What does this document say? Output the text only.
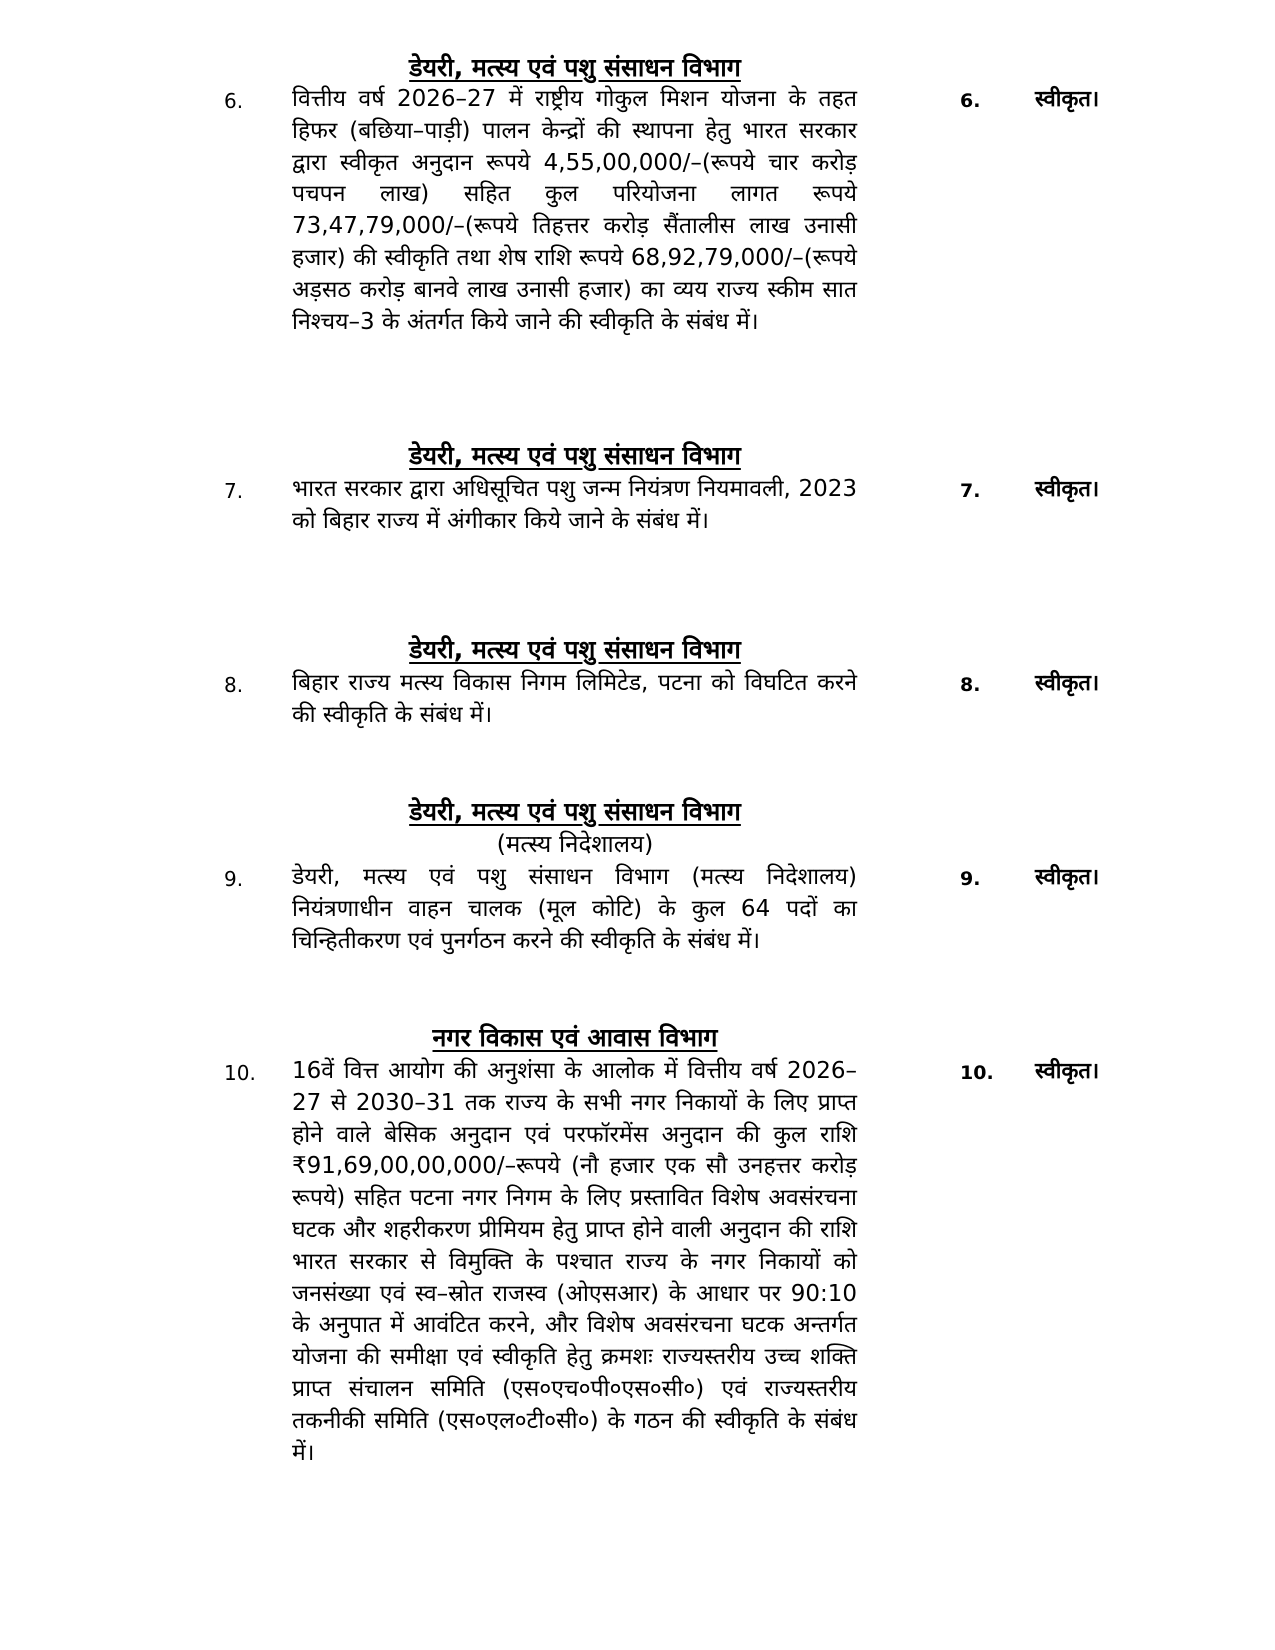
डेयरी, मत्स्य एवं पशु संसाधन विभाग
6. वित्तीय वर्ष 2026–27 में राष्ट्रीय गोकुल मिशन योजना के तहत हिफर (बछिया–पाड़ी) पालन केन्द्रों की स्थापना हेतु भारत सरकार द्वारा स्वीकृत अनुदान रूपये 4,55,00,000/–(रूपये चार करोड़ पचपन लाख) सहित कुल परियोजना लागत रूपये 73,47,79,000/–(रूपये तिहत्तर करोड़ सैंतालीस लाख उनासी हजार) की स्वीकृति तथा शेष राशि रूपये 68,92,79,000/–(रूपये अड़सठ करोड़ बानवे लाख उनासी हजार) का व्यय राज्य स्कीम सात निश्चय–3 के अंतर्गत किये जाने की स्वीकृति के संबंध में।
6. स्वीकृत।
डेयरी, मत्स्य एवं पशु संसाधन विभाग
7. भारत सरकार द्वारा अधिसूचित पशु जन्म नियंत्रण नियमावली, 2023 को बिहार राज्य में अंगीकार किये जाने के संबंध में।
7. स्वीकृत।
डेयरी, मत्स्य एवं पशु संसाधन विभाग
8. बिहार राज्य मत्स्य विकास निगम लिमिटेड, पटना को विघटित करने की स्वीकृति के संबंध में।
8. स्वीकृत।
डेयरी, मत्स्य एवं पशु संसाधन विभाग
(मत्स्य निदेशालय)
9. डेयरी, मत्स्य एवं पशु संसाधन विभाग (मत्स्य निदेशालय) नियंत्रणाधीन वाहन चालक (मूल कोटि) के कुल 64 पदों का चिन्हितीकरण एवं पुनर्गठन करने की स्वीकृति के संबंध में।
9. स्वीकृत।
नगर विकास एवं आवास विभाग
10. 16वें वित्त आयोग की अनुशंसा के आलोक में वित्तीय वर्ष 2026–27 से 2030–31 तक राज्य के सभी नगर निकायों के लिए प्राप्त होने वाले बेसिक अनुदान एवं परफॉरमेंस अनुदान की कुल राशि ₹91,69,00,00,000/–रूपये (नौ हजार एक सौ उनहत्तर करोड़ रूपये) सहित पटना नगर निगम के लिए प्रस्तावित विशेष अवसंरचना घटक और शहरीकरण प्रीमियम हेतु प्राप्त होने वाली अनुदान की राशि भारत सरकार से विमुक्ति के पश्चात राज्य के नगर निकायों को जनसंख्या एवं स्व–स्रोत राजस्व (ओएसआर) के आधार पर 90:10 के अनुपात में आवंटित करने, और विशेष अवसंरचना घटक अन्तर्गत योजना की समीक्षा एवं स्वीकृति हेतु क्रमशः राज्यस्तरीय उच्च शक्ति प्राप्त संचालन समिति (एस०एच०पी०एस०सी०) एवं राज्यस्तरीय तकनीकी समिति (एस०एल०टी०सी०) के गठन की स्वीकृति के संबंध में।
10. स्वीकृत।
